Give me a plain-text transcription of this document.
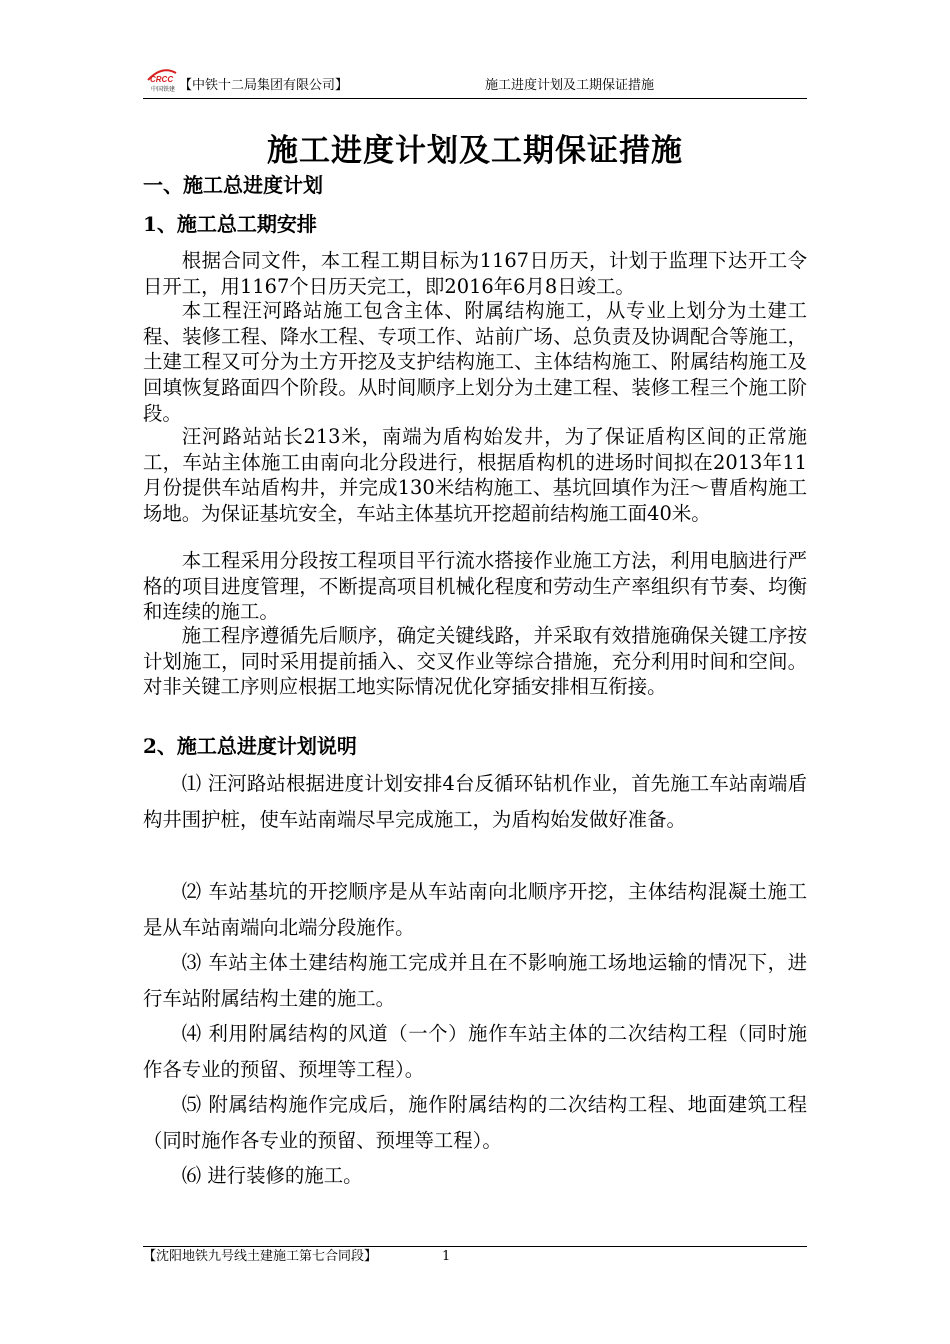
CRCC
中国铁建 【中铁十二局集团有限公司】	施工进度计划及工期保证措施
施工进度计划及工期保证措施
一、施工总进度计划
1、施工总工期安排

根据合同文件，本工程工期目标为1167日历天，计划于监理下达开工令日开工，用1167个日历天完工，即2016年6月8日竣工。

本工程汪河路站施工包含主体、附属结构施工，从专业上划分为土建工程、装修工程、降水工程、专项工作、站前广场、总负责及协调配合等施工，土建工程又可分为土方开挖及支护结构施工、主体结构施工、附属结构施工及回填恢复路面四个阶段。从时间顺序上划分为土建工程、装修工程三个施工阶段。

汪河路站站长213米，南端为盾构始发井，为了保证盾构区间的正常施工，车站主体施工由南向北分段进行，根据盾构机的进场时间拟在2013年11月份提供车站盾构井，并完成130米结构施工、基坑回填作为汪～曹盾构施工场地。为保证基坑安全，车站主体基坑开挖超前结构施工面40米。

本工程采用分段按工程项目平行流水搭接作业施工方法，利用电脑进行严格的项目进度管理，不断提高项目机械化程度和劳动生产率组织有节奏、均衡和连续的施工。

施工程序遵循先后顺序，确定关键线路，并采取有效措施确保关键工序按计划施工，同时采用提前插入、交叉作业等综合措施，充分利用时间和空间。对非关键工序则应根据工地实际情况优化穿插安排相互衔接。

2、施工总进度计划说明

⑴ 汪河路站根据进度计划安排4台反循环钻机作业，首先施工车站南端盾构井围护桩，使车站南端尽早完成施工，为盾构始发做好准备。

⑵ 车站基坑的开挖顺序是从车站南向北顺序开挖，主体结构混凝土施工是从车站南端向北端分段施作。

⑶ 车站主体土建结构施工完成并且在不影响施工场地运输的情况下，进行车站附属结构土建的施工。

⑷ 利用附属结构的风道（一个）施作车站主体的二次结构工程（同时施作各专业的预留、预埋等工程）。

⑸ 附属结构施作完成后，施作附属结构的二次结构工程、地面建筑工程（同时施作各专业的预留、预埋等工程）。

⑹ 进行装修的施工。

【沈阳地铁九号线土建施工第七合同段】	1
